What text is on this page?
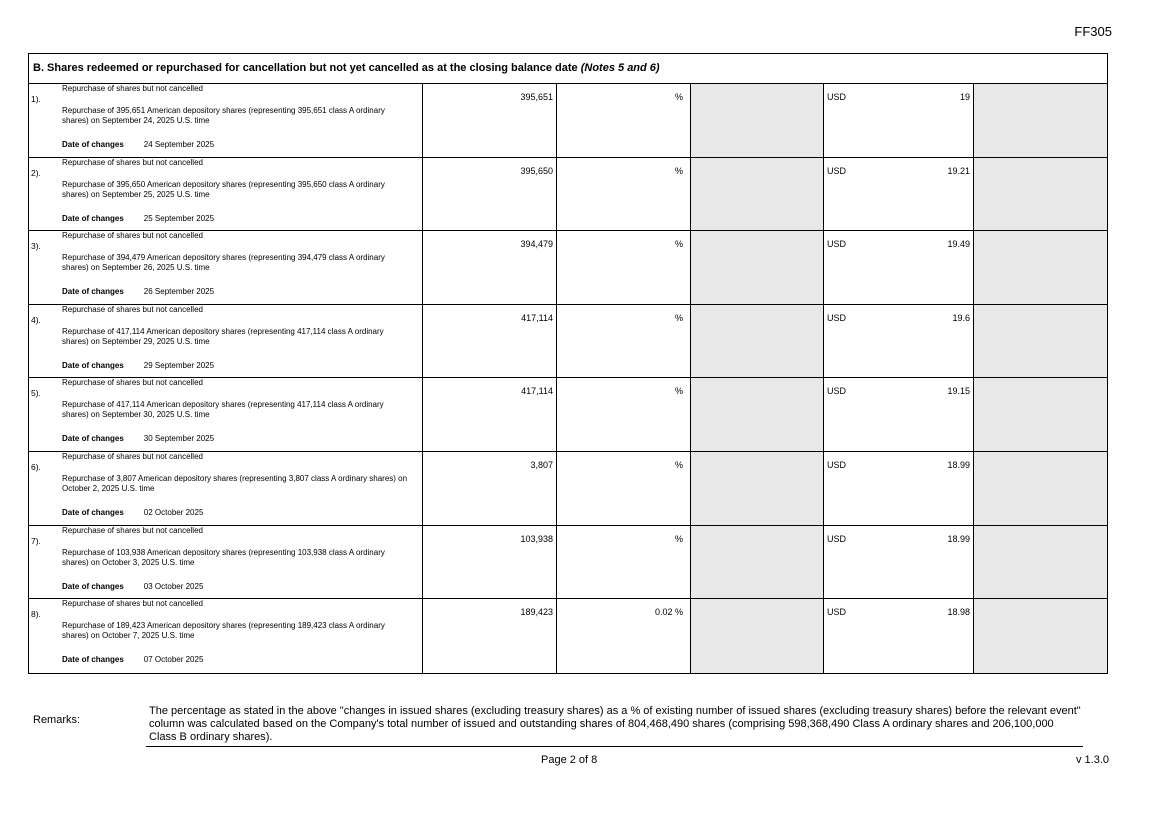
FF305
B. Shares redeemed or repurchased for cancellation but not yet cancelled as at the closing balance date (Notes 5 and 6)
1).
Repurchase of shares but not cancelled
Repurchase of 395,651 American depository shares (representing 395,651 class A ordinary shares) on September 24, 2025 U.S. time
Date of changes	24 September 2025
395,651	%	USD	19
2).
Repurchase of shares but not cancelled
Repurchase of 395,650 American depository shares (representing 395,650 class A ordinary shares) on September 25, 2025 U.S. time
Date of changes	25 September 2025
395,650	%	USD	19.21
3).
Repurchase of shares but not cancelled
Repurchase of 394,479 American depository shares (representing 394,479 class A ordinary shares) on September 26, 2025 U.S. time
Date of changes	26 September 2025
394,479	%	USD	19.49
4).
Repurchase of shares but not cancelled
Repurchase of 417,114 American depository shares (representing 417,114 class A ordinary shares) on September 29, 2025 U.S. time
Date of changes	29 September 2025
417,114	%	USD	19.6
5).
Repurchase of shares but not cancelled
Repurchase of 417,114 American depository shares (representing 417,114 class A ordinary shares) on September 30, 2025 U.S. time
Date of changes	30 September 2025
417,114	%	USD	19.15
6).
Repurchase of shares but not cancelled
Repurchase of 3,807 American depository shares (representing 3,807 class A ordinary shares) on October 2, 2025 U.S. time
Date of changes	02 October 2025
3,807	%	USD	18.99
7).
Repurchase of shares but not cancelled
Repurchase of 103,938 American depository shares (representing 103,938 class A ordinary shares) on October 3, 2025 U.S. time
Date of changes	03 October 2025
103,938	%	USD	18.99
8).
Repurchase of shares but not cancelled
Repurchase of 189,423 American depository shares (representing 189,423 class A ordinary shares) on October 7, 2025 U.S. time
Date of changes	07 October 2025
189,423	0.02 %	USD	18.98
Remarks:
The percentage as stated in the above "changes in issued shares (excluding treasury shares) as a % of existing number of issued shares (excluding treasury shares) before the relevant event" column was calculated based on the Company's total number of issued and outstanding shares of 804,468,490 shares (comprising 598,368,490 Class A ordinary shares and 206,100,000 Class B ordinary shares).
Page 2 of 8	v 1.3.0
